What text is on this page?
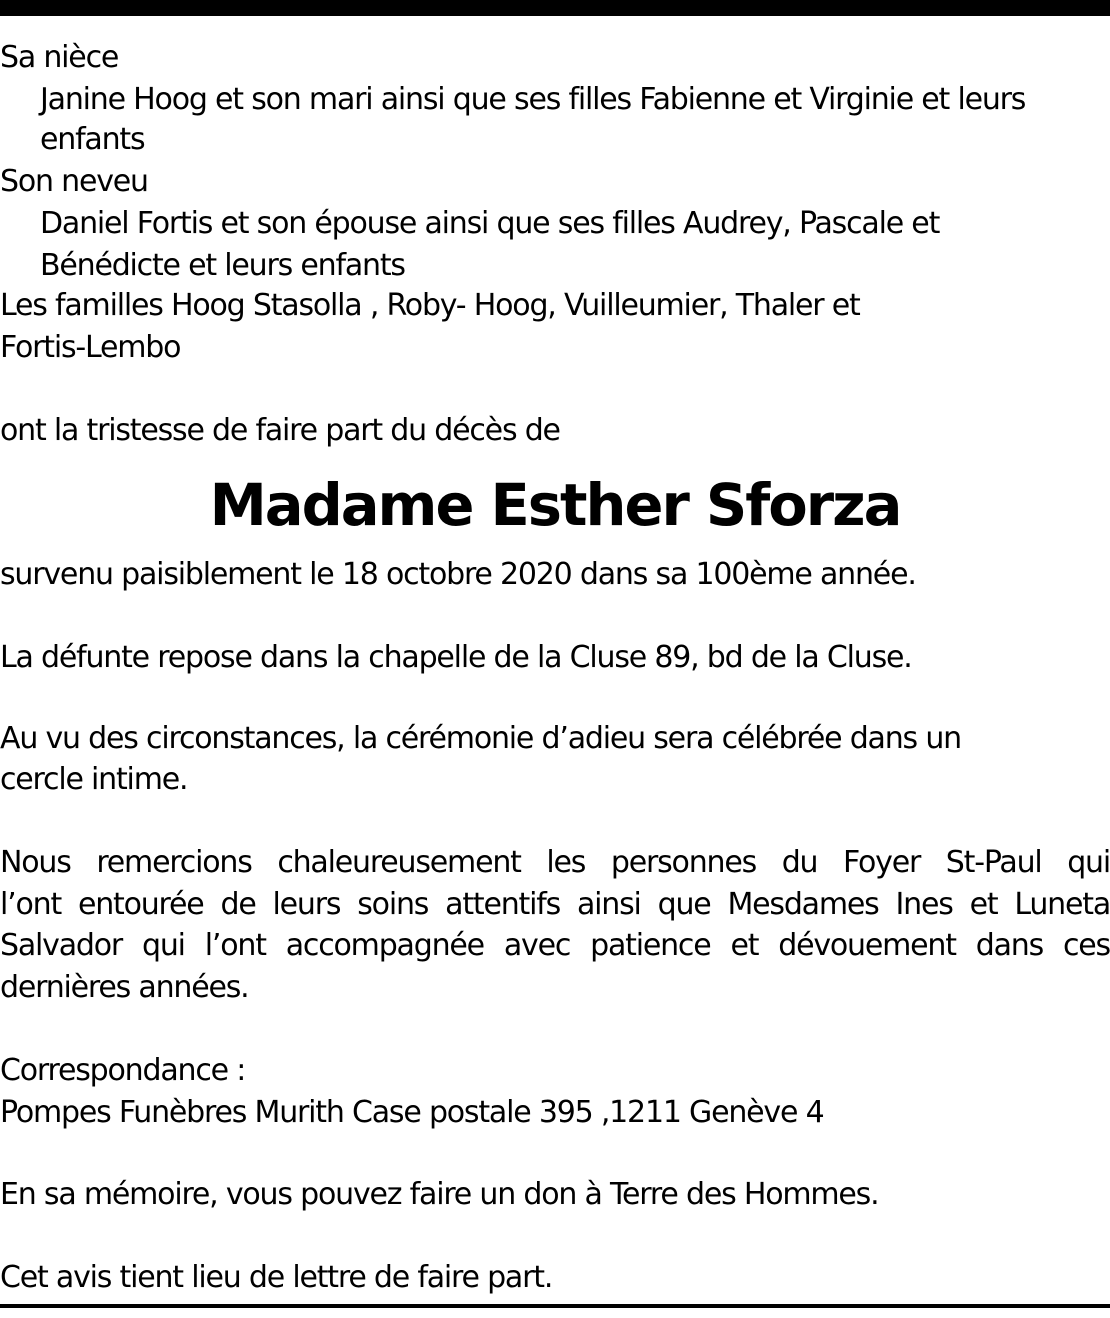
Sa nièce
Janine Hoog et son mari ainsi que ses filles Fabienne et Virginie et leurs
enfants
Son neveu
Daniel Fortis et son épouse ainsi que ses filles Audrey, Pascale et
Bénédicte et leurs enfants
Les familles Hoog Stasolla , Roby- Hoog, Vuilleumier, Thaler et
Fortis-Lembo
ont la tristesse de faire part du décès de
Madame Esther Sforza
survenu paisiblement le 18 octobre 2020 dans sa 100ème année.
La défunte repose dans la chapelle de la Cluse 89, bd de la Cluse.
Au vu des circonstances, la cérémonie d’adieu sera célébrée dans un
cercle intime.
Nous remercions chaleureusement les personnes du Foyer St-Paul qui
l’ont entourée de leurs soins attentifs ainsi que Mesdames Ines et Luneta
Salvador qui l’ont accompagnée avec patience et dévouement dans ces
dernières années.
Correspondance :
Pompes Funèbres Murith Case postale 395 ,1211 Genève 4
En sa mémoire, vous pouvez faire un don à Terre des Hommes.
Cet avis tient lieu de lettre de faire part.
